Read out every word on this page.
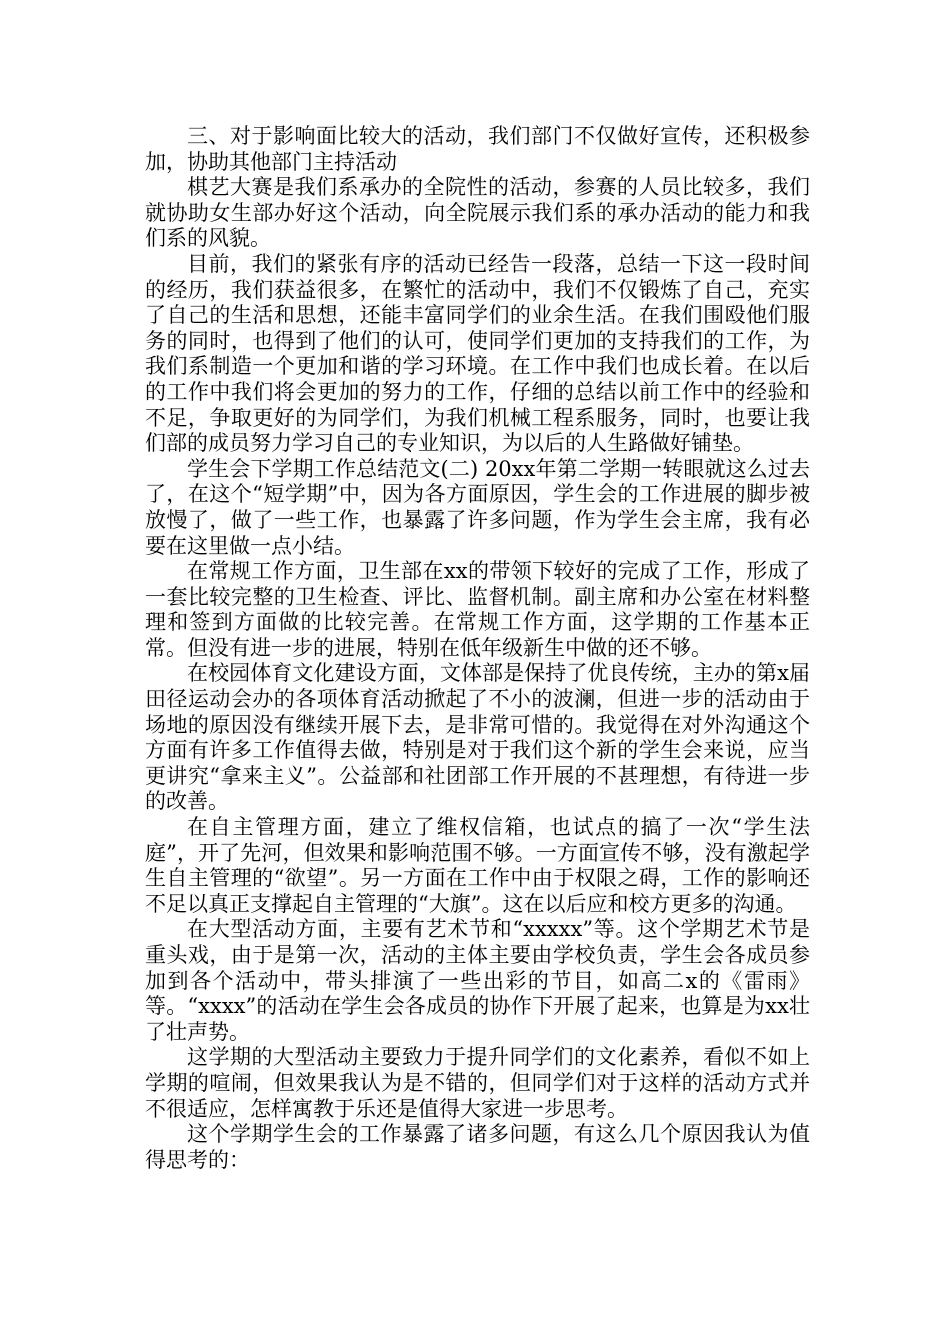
三、对于影响面比较大的活动，我们部门不仅做好宣传，还积极参加，协助其他部门主持活动

棋艺大赛是我们系承办的全院性的活动，参赛的人员比较多，我们就协助女生部办好这个活动，向全院展示我们系的承办活动的能力和我们系的风貌。

目前，我们的紧张有序的活动已经告一段落，总结一下这一段时间的经历，我们获益很多，在繁忙的活动中，我们不仅锻炼了自己，充实了自己的生活和思想，还能丰富同学们的业余生活。在我们围殴他们服务的同时，也得到了他们的认可，使同学们更加的支持我们的工作，为我们系制造一个更加和谐的学习环境。在工作中我们也成长着。在以后的工作中我们将会更加的努力的工作，仔细的总结以前工作中的经验和不足，争取更好的为同学们，为我们机械工程系服务，同时，也要让我们部的成员努力学习自己的专业知识，为以后的人生路做好铺垫。

学生会下学期工作总结范文(二) 20xx年第二学期一转眼就这么过去了，在这个“短学期”中，因为各方面原因，学生会的工作进展的脚步被放慢了，做了一些工作，也暴露了许多问题，作为学生会主席，我有必要在这里做一点小结。

在常规工作方面，卫生部在xx的带领下较好的完成了工作，形成了一套比较完整的卫生检查、评比、监督机制。副主席和办公室在材料整理和签到方面做的比较完善。在常规工作方面，这学期的工作基本正常。但没有进一步的进展，特别在低年级新生中做的还不够。

在校园体育文化建设方面，文体部是保持了优良传统，主办的第x届田径运动会办的各项体育活动掀起了不小的波澜，但进一步的活动由于场地的原因没有继续开展下去，是非常可惜的。我觉得在对外沟通这个方面有许多工作值得去做，特别是对于我们这个新的学生会来说，应当更讲究“拿来主义”。公益部和社团部工作开展的不甚理想，有待进一步的改善。

在自主管理方面，建立了维权信箱，也试点的搞了一次“学生法庭”，开了先河，但效果和影响范围不够。一方面宣传不够，没有激起学生自主管理的“欲望”。另一方面在工作中由于权限之碍，工作的影响还不足以真正支撑起自主管理的“大旗”。这在以后应和校方更多的沟通。

在大型活动方面，主要有艺术节和“xxxxx”等。这个学期艺术节是重头戏，由于是第一次，活动的主体主要由学校负责，学生会各成员参加到各个活动中，带头排演了一些出彩的节目，如高二x的《雷雨》等。“xxxx”的活动在学生会各成员的协作下开展了起来，也算是为xx壮了壮声势。

这学期的大型活动主要致力于提升同学们的文化素养，看似不如上学期的喧闹，但效果我认为是不错的，但同学们对于这样的活动方式并不很适应，怎样寓教于乐还是值得大家进一步思考。

这个学期学生会的工作暴露了诸多问题，有这么几个原因我认为值得思考的：
